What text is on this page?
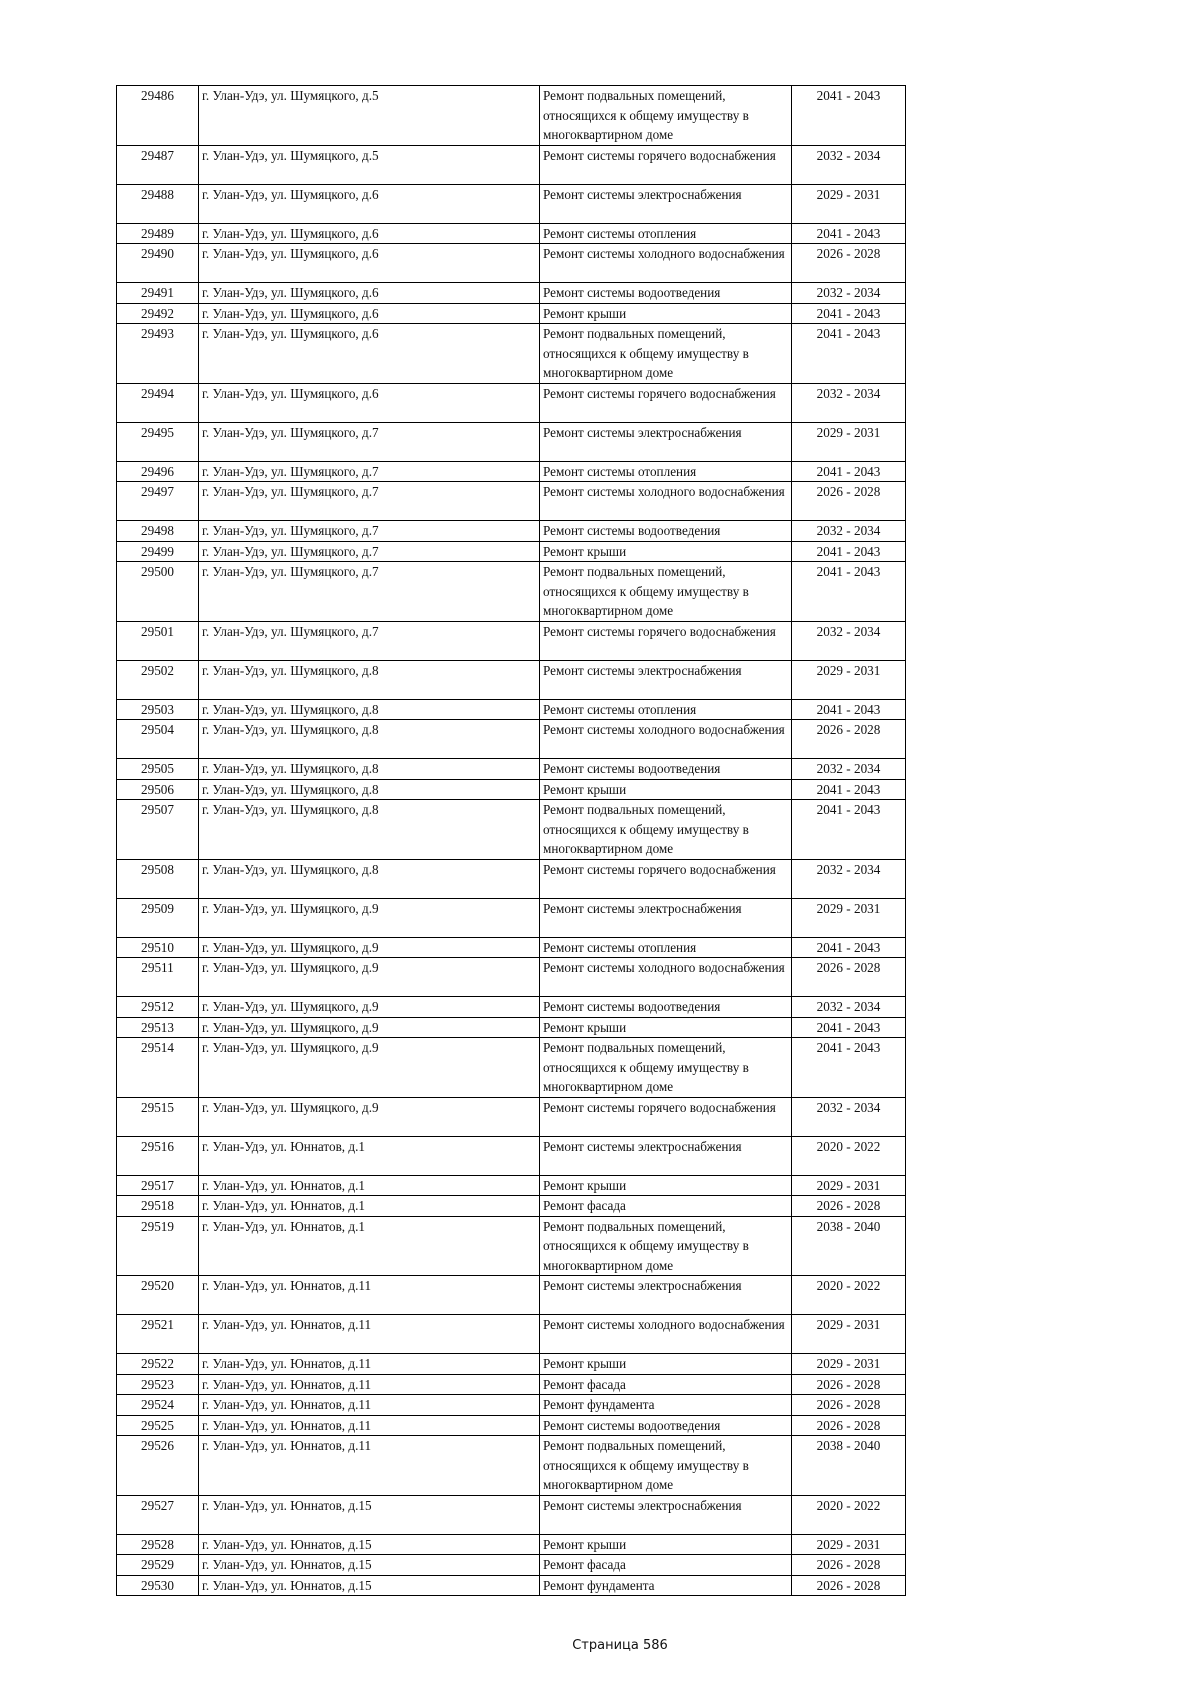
29486	г. Улан-Удэ, ул. Шумяцкого, д.5	Ремонт подвальных помещений, относящихся к общему имуществу в многоквартирном доме	2041 - 2043
29487	г. Улан-Удэ, ул. Шумяцкого, д.5	Ремонт системы горячего водоснабжения	2032 - 2034
29488	г. Улан-Удэ, ул. Шумяцкого, д.6	Ремонт системы электроснабжения	2029 - 2031
29489	г. Улан-Удэ, ул. Шумяцкого, д.6	Ремонт системы отопления	2041 - 2043
29490	г. Улан-Удэ, ул. Шумяцкого, д.6	Ремонт системы холодного водоснабжения	2026 - 2028
29491	г. Улан-Удэ, ул. Шумяцкого, д.6	Ремонт системы водоотведения	2032 - 2034
29492	г. Улан-Удэ, ул. Шумяцкого, д.6	Ремонт крыши	2041 - 2043
29493	г. Улан-Удэ, ул. Шумяцкого, д.6	Ремонт подвальных помещений, относящихся к общему имуществу в многоквартирном доме	2041 - 2043
29494	г. Улан-Удэ, ул. Шумяцкого, д.6	Ремонт системы горячего водоснабжения	2032 - 2034
29495	г. Улан-Удэ, ул. Шумяцкого, д.7	Ремонт системы электроснабжения	2029 - 2031
29496	г. Улан-Удэ, ул. Шумяцкого, д.7	Ремонт системы отопления	2041 - 2043
29497	г. Улан-Удэ, ул. Шумяцкого, д.7	Ремонт системы холодного водоснабжения	2026 - 2028
29498	г. Улан-Удэ, ул. Шумяцкого, д.7	Ремонт системы водоотведения	2032 - 2034
29499	г. Улан-Удэ, ул. Шумяцкого, д.7	Ремонт крыши	2041 - 2043
29500	г. Улан-Удэ, ул. Шумяцкого, д.7	Ремонт подвальных помещений, относящихся к общему имуществу в многоквартирном доме	2041 - 2043
29501	г. Улан-Удэ, ул. Шумяцкого, д.7	Ремонт системы горячего водоснабжения	2032 - 2034
29502	г. Улан-Удэ, ул. Шумяцкого, д.8	Ремонт системы электроснабжения	2029 - 2031
29503	г. Улан-Удэ, ул. Шумяцкого, д.8	Ремонт системы отопления	2041 - 2043
29504	г. Улан-Удэ, ул. Шумяцкого, д.8	Ремонт системы холодного водоснабжения	2026 - 2028
29505	г. Улан-Удэ, ул. Шумяцкого, д.8	Ремонт системы водоотведения	2032 - 2034
29506	г. Улан-Удэ, ул. Шумяцкого, д.8	Ремонт крыши	2041 - 2043
29507	г. Улан-Удэ, ул. Шумяцкого, д.8	Ремонт подвальных помещений, относящихся к общему имуществу в многоквартирном доме	2041 - 2043
29508	г. Улан-Удэ, ул. Шумяцкого, д.8	Ремонт системы горячего водоснабжения	2032 - 2034
29509	г. Улан-Удэ, ул. Шумяцкого, д.9	Ремонт системы электроснабжения	2029 - 2031
29510	г. Улан-Удэ, ул. Шумяцкого, д.9	Ремонт системы отопления	2041 - 2043
29511	г. Улан-Удэ, ул. Шумяцкого, д.9	Ремонт системы холодного водоснабжения	2026 - 2028
29512	г. Улан-Удэ, ул. Шумяцкого, д.9	Ремонт системы водоотведения	2032 - 2034
29513	г. Улан-Удэ, ул. Шумяцкого, д.9	Ремонт крыши	2041 - 2043
29514	г. Улан-Удэ, ул. Шумяцкого, д.9	Ремонт подвальных помещений, относящихся к общему имуществу в многоквартирном доме	2041 - 2043
29515	г. Улан-Удэ, ул. Шумяцкого, д.9	Ремонт системы горячего водоснабжения	2032 - 2034
29516	г. Улан-Удэ, ул. Юннатов, д.1	Ремонт системы электроснабжения	2020 - 2022
29517	г. Улан-Удэ, ул. Юннатов, д.1	Ремонт крыши	2029 - 2031
29518	г. Улан-Удэ, ул. Юннатов, д.1	Ремонт фасада	2026 - 2028
29519	г. Улан-Удэ, ул. Юннатов, д.1	Ремонт подвальных помещений, относящихся к общему имуществу в многоквартирном доме	2038 - 2040
29520	г. Улан-Удэ, ул. Юннатов, д.11	Ремонт системы электроснабжения	2020 - 2022
29521	г. Улан-Удэ, ул. Юннатов, д.11	Ремонт системы холодного водоснабжения	2029 - 2031
29522	г. Улан-Удэ, ул. Юннатов, д.11	Ремонт крыши	2029 - 2031
29523	г. Улан-Удэ, ул. Юннатов, д.11	Ремонт фасада	2026 - 2028
29524	г. Улан-Удэ, ул. Юннатов, д.11	Ремонт фундамента	2026 - 2028
29525	г. Улан-Удэ, ул. Юннатов, д.11	Ремонт системы водоотведения	2026 - 2028
29526	г. Улан-Удэ, ул. Юннатов, д.11	Ремонт подвальных помещений, относящихся к общему имуществу в многоквартирном доме	2038 - 2040
29527	г. Улан-Удэ, ул. Юннатов, д.15	Ремонт системы электроснабжения	2020 - 2022
29528	г. Улан-Удэ, ул. Юннатов, д.15	Ремонт крыши	2029 - 2031
29529	г. Улан-Удэ, ул. Юннатов, д.15	Ремонт фасада	2026 - 2028
29530	г. Улан-Удэ, ул. Юннатов, д.15	Ремонт фундамента	2026 - 2028
Страница 586
